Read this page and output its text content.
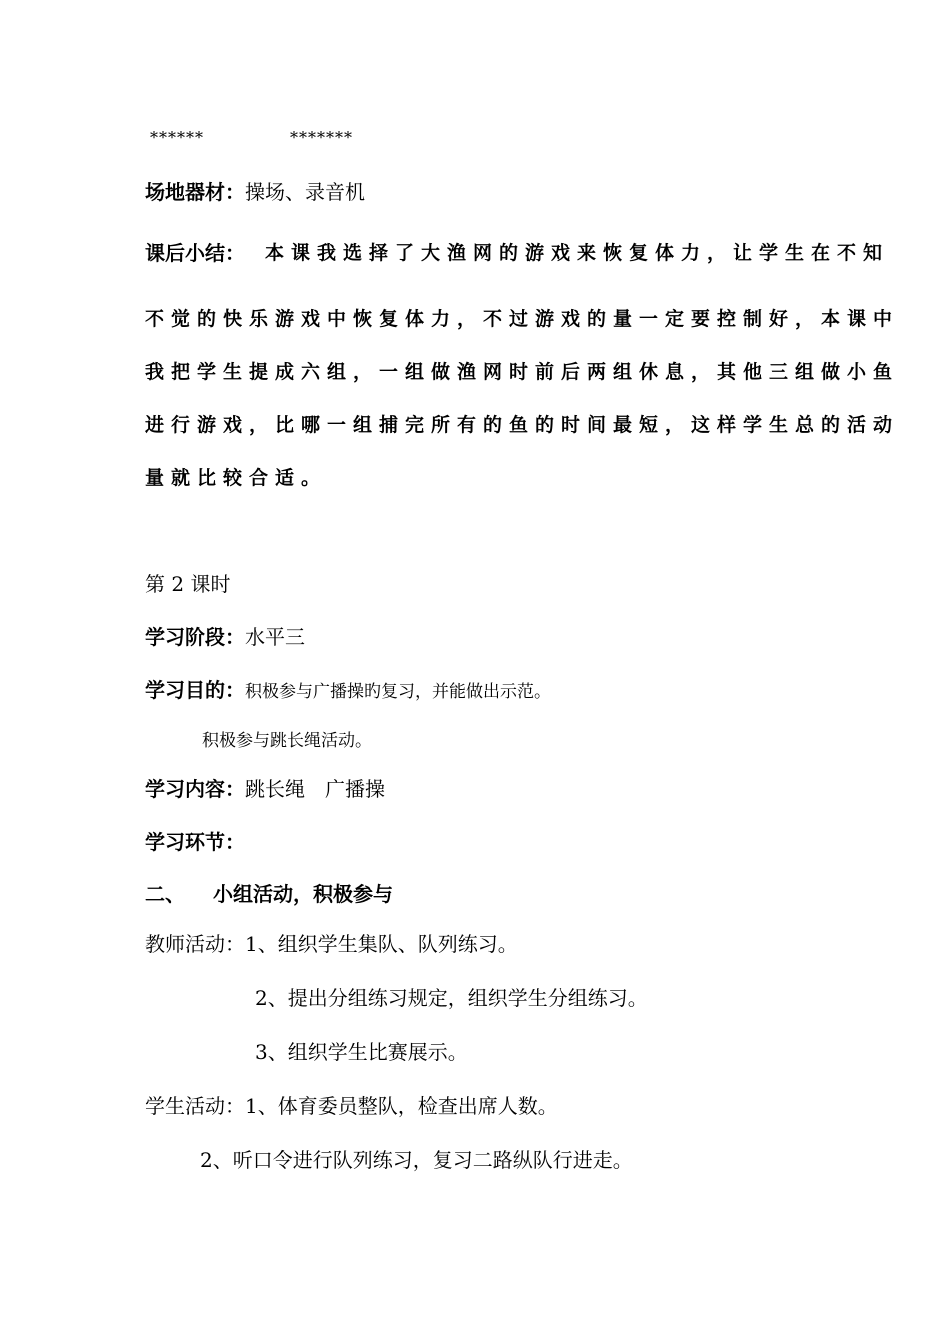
******	*******
场地器材：操场、录音机
课后小结： 本课我选择了大渔网的游戏来恢复体力，让学生在不知
不觉的快乐游戏中恢复体力，不过游戏的量一定要控制好，本课中
我把学生提成六组，一组做渔网时前后两组休息，其他三组做小鱼
进行游戏，比哪一组捕完所有的鱼的时间最短，这样学生总的活动
量就比较合适。
第 2 课时
学习阶段：水平三
学习目的：积极参与广播操旳复习，并能做出示范。
积极参与跳长绳活动。
学习内容：跳长绳　广播操
学习环节：
二、 小组活动，积极参与
教师活动：1、组织学生集队、队列练习。
2、提出分组练习规定，组织学生分组练习。
3、组织学生比赛展示。
学生活动：1、体育委员整队，检查出席人数。
2、听口令进行队列练习，复习二路纵队行进走。
